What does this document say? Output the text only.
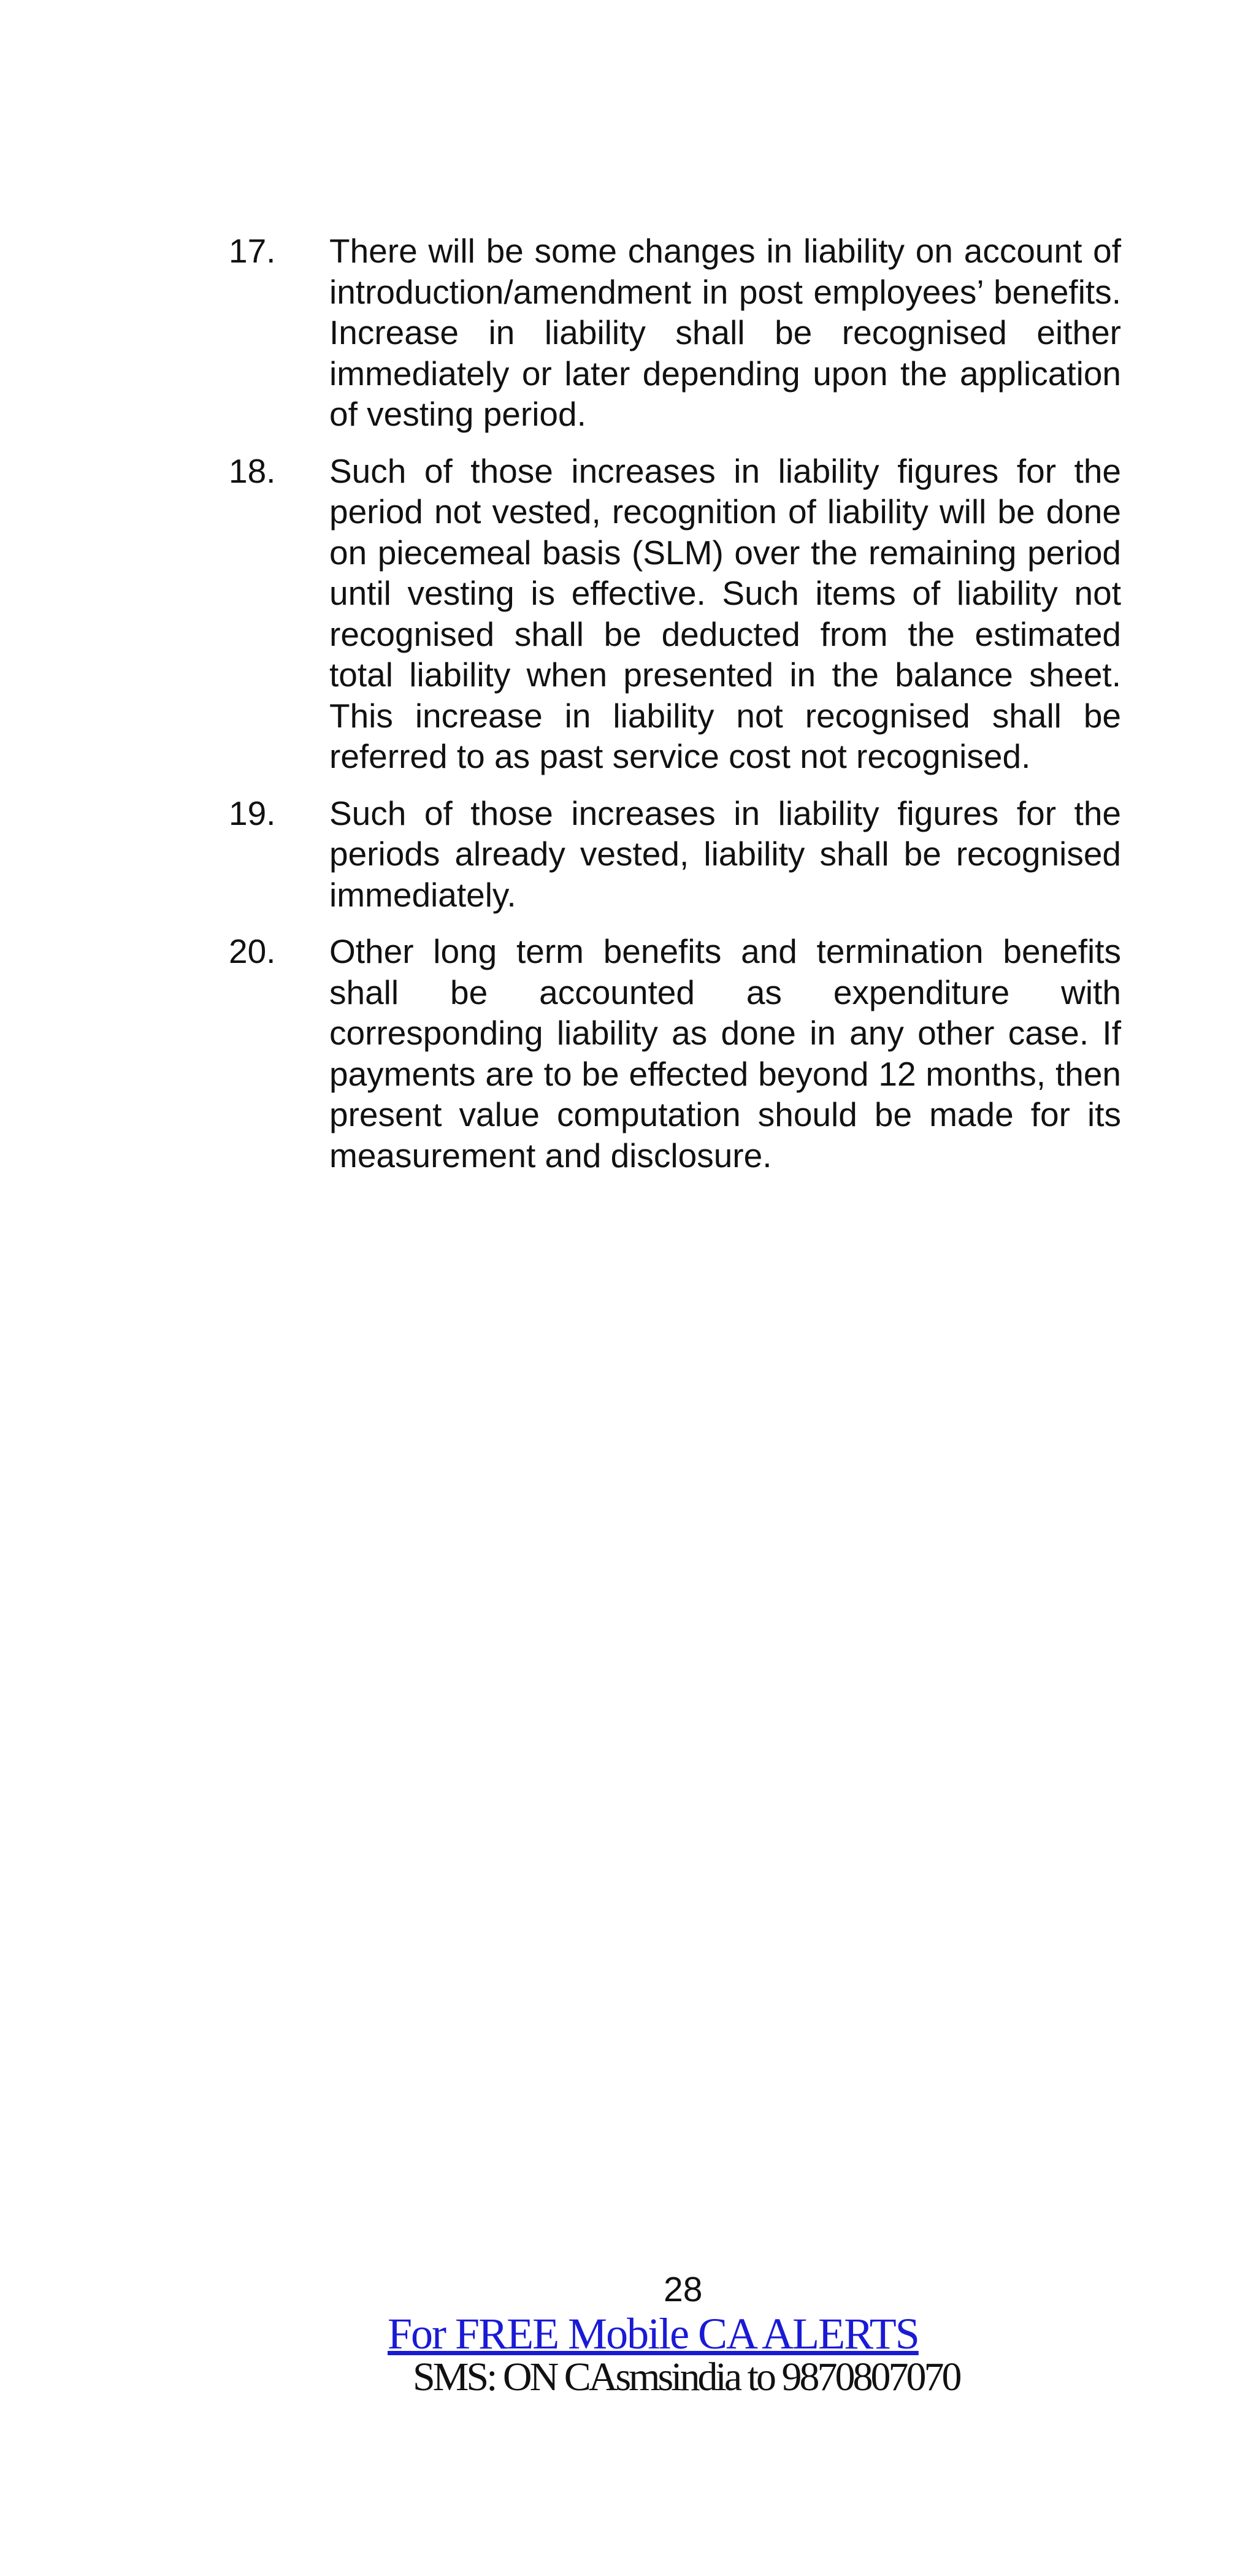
17.	There will be some changes in liability on account of introduction/amendment in post employees’ benefits. Increase in liability shall be recognised either immediately or later depending upon the application of vesting period.
18.	Such of those increases in liability figures for the period not vested, recognition of liability will be done on piecemeal basis (SLM) over the remaining period until vesting is effective. Such items of liability not recognised shall be deducted from the estimated total liability when presented in the balance sheet. This increase in liability not recognised shall be referred to as past service cost not recognised.
19.	Such of those increases in liability figures for the periods already vested, liability shall be recognised immediately.
20.	Other long term benefits and termination benefits shall be accounted as expenditure with corresponding liability as done in any other case. If payments are to be effected beyond 12 months, then present value computation should be made for its measurement and disclosure.
28
For FREE Mobile CA ALERTS
SMS: ON CAsmsindia to 9870807070
